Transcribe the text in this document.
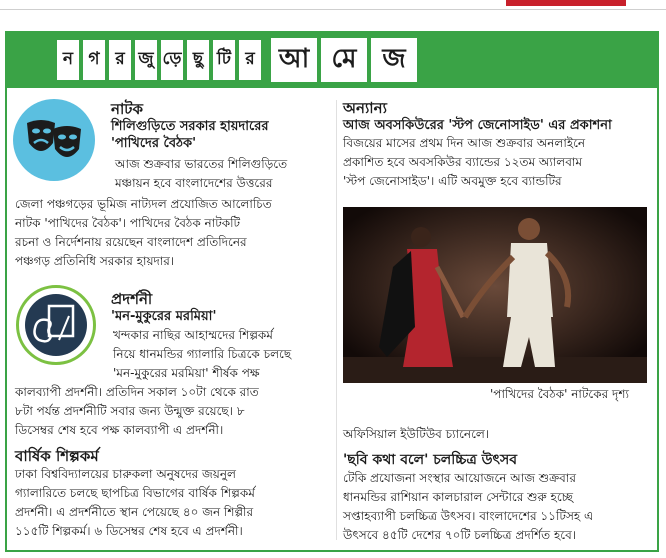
ন গ র জু ড়ে ছু টি র আ মে জ
নাটক
শিলিগুড়িতে সরকার হায়দারের
'পাখিদের বৈঠক'
আজ শুক্রবার ভারতের শিলিগুড়িতে
মঞ্চায়ন হবে বাংলাদেশের উত্তরের
জেলা পঞ্চগড়ের ভূমিজ নাট্যদল প্রযোজিত আলোচিত
নাটক 'পাখিদের বৈঠক'। পাখিদের বৈঠক নাটকটি
রচনা ও নির্দেশনায় রয়েছেন বাংলাদেশ প্রতিদিনের
পঞ্চগড় প্রতিনিধি সরকার হায়দার।
প্রদর্শনী
'মন-মুকুরের মরমিয়া'
খন্দকার নাছির আহাম্মদের শিল্পকর্ম
নিয়ে ধানমন্ডির গ্যালারি চিত্রকে চলছে
'মন-মুকুরের মরমিয়া' শীর্ষক পক্ষ
কালব্যাপী প্রদর্শনী। প্রতিদিন সকাল ১০টা থেকে রাত
৮টা পর্যন্ত প্রদর্শনীটি সবার জন্য উন্মুক্ত রয়েছে। ৮
ডিসেম্বর শেষ হবে পক্ষ কালব্যাপী এ প্রদর্শনী।
বার্ষিক শিল্পকর্ম
ঢাকা বিশ্ববিদ্যালয়ের চারুকলা অনুষদের জয়নুল
গ্যালারিতে চলছে ছাপচিত্র বিভাগের বার্ষিক শিল্পকর্ম
প্রদর্শনী। এ প্রদর্শনীতে স্থান পেয়েছে ৪০ জন শিল্পীর
১১৫টি শিল্পকর্ম। ৬ ডিসেম্বর শেষ হবে এ প্রদর্শনী।
অন্যান্য
আজ অবসকিউরের 'স্টপ জেনোসাইড' এর প্রকাশনা
বিজয়ের মাসের প্রথম দিন আজ শুক্রবার অনলাইনে
প্রকাশিত হবে অবসকিউর ব্যান্ডের ১২তম অ্যালবাম
'স্টপ জেনোসাইড'। এটি অবমুক্ত হবে ব্যান্ডটির
'পাখিদের বৈঠক' নাটকের দৃশ্য
অফিসিয়াল ইউটিউব চ্যানেলে।
'ছবি কথা বলে' চলচ্চিত্র উৎসব
টেকি প্রযোজনা সংস্থার আয়োজনে আজ শুক্রবার
ধানমন্ডির রাশিয়ান কালচারাল সেন্টারে শুরু হচ্ছে
সপ্তাহব্যাপী চলচ্চিত্র উৎসব। বাংলাদেশের ১১টিসহ এ
উৎসবে ৪৫টি দেশের ৭০টি চলচ্চিত্র প্রদর্শিত হবে।
